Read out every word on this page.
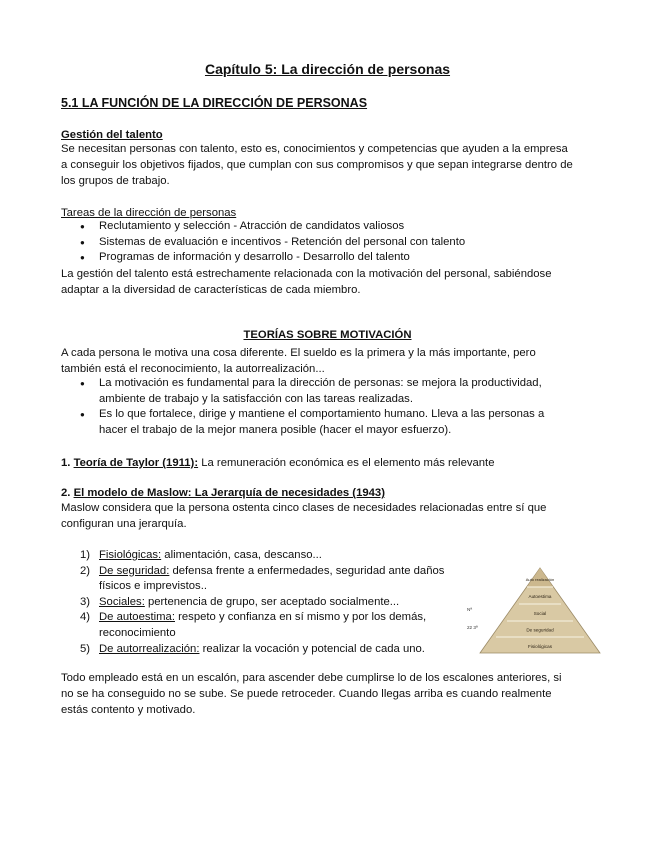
Capítulo 5: La dirección de personas
5.1 LA FUNCIÓN DE LA DIRECCIÓN DE PERSONAS
Gestión del talento
Se necesitan personas con talento, esto es, conocimientos y competencias que ayuden a la empresa
a conseguir los objetivos fijados, que cumplan con sus compromisos y que sepan integrarse dentro de
los grupos de trabajo.
Tareas de la dirección de personas
● Reclutamiento y selección - Atracción de candidatos valiosos
● Sistemas de evaluación e incentivos - Retención del personal con talento
● Programas de información y desarrollo - Desarrollo del talento
La gestión del talento está estrechamente relacionada con la motivación del personal, sabiéndose
adaptar a la diversidad de características de cada miembro.
TEORÍAS SOBRE MOTIVACIÓN
A cada persona le motiva una cosa diferente. El sueldo es la primera y la más importante, pero
también está el reconocimiento, la autorrealización...
● La motivación es fundamental para la dirección de personas: se mejora la productividad,
ambiente de trabajo y la satisfacción con las tareas realizadas.
● Es lo que fortalece, dirige y mantiene el comportamiento humano. Lleva a las personas a
hacer el trabajo de la mejor manera posible (hacer el mayor esfuerzo).
1. Teoría de Taylor (1911): La remuneración económica es el elemento más relevante
2. El modelo de Maslow: La Jerarquía de necesidades (1943)
Maslow considera que la persona ostenta cinco clases de necesidades relacionadas entre sí que
configuran una jerarquía.
1) Fisiológicas: alimentación, casa, descanso...
2) De seguridad: defensa frente a enfermedades, seguridad ante daños
físicos e imprevistos..
3) Sociales: pertenencia de grupo, ser aceptado socialmente...
4) De autoestima: respeto y confianza en sí mismo y por los demás,
reconocimiento
5) De autorrealización: realizar la vocación y potencial de cada uno.
Auto realización
Autoestima
Social
De seguridad
Fisiológicas
Nª
22 3ª
Todo empleado está en un escalón, para ascender debe cumplirse lo de los escalones anteriores, si
no se ha conseguido no se sube. Se puede retroceder. Cuando llegas arriba es cuando realmente
estás contento y motivado.
